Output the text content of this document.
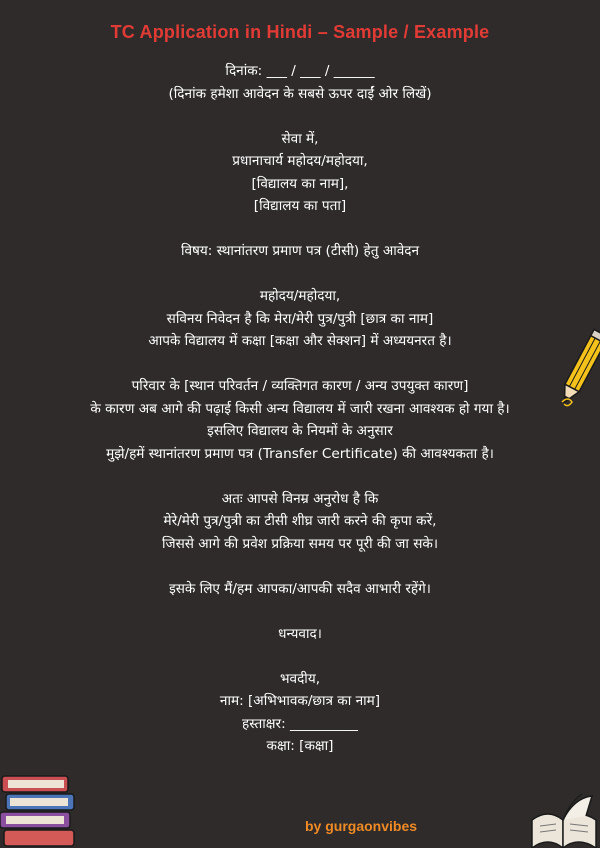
TC Application in Hindi – Sample / Example
दिनांक: ___ / ___ / ______
(दिनांक हमेशा आवेदन के सबसे ऊपर दाईं ओर लिखें)
सेवा में,
प्रधानाचार्य महोदय/महोदया,
[विद्यालय का नाम],
[विद्यालय का पता]
विषय: स्थानांतरण प्रमाण पत्र (टीसी) हेतु आवेदन
महोदय/महोदया,
सविनय निवेदन है कि मेरा/मेरी पुत्र/पुत्री [छात्र का नाम]
आपके विद्यालय में कक्षा [कक्षा और सेक्शन] में अध्ययनरत है।
परिवार के [स्थान परिवर्तन / व्यक्तिगत कारण / अन्य उपयुक्त कारण]
के कारण अब आगे की पढ़ाई किसी अन्य विद्यालय में जारी रखना आवश्यक हो गया है।
इसलिए विद्यालय के नियमों के अनुसार
मुझे/हमें स्थानांतरण प्रमाण पत्र (Transfer Certificate) की आवश्यकता है।
अतः आपसे विनम्र अनुरोध है कि
मेरे/मेरी पुत्र/पुत्री का टीसी शीघ्र जारी करने की कृपा करें,
जिससे आगे की प्रवेश प्रक्रिया समय पर पूरी की जा सके।
इसके लिए मैं/हम आपका/आपकी सदैव आभारी रहेंगे।
धन्यवाद।
भवदीय,
नाम: [अभिभावक/छात्र का नाम]
हस्ताक्षर: __________
कक्षा: [कक्षा]
by gurgaonvibes
